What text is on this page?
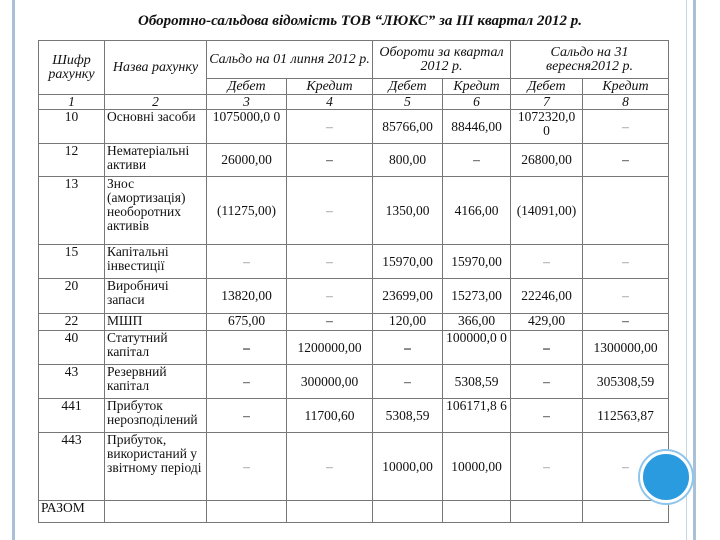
Оборотно-сальдова відомість ТОВ “ЛЮКС” за ІІІ квартал 2012 р.
Шифр рахунку	Назва рахунку	Сальдо на 01 липня 2012 р.		Обороти за квартал 2012 р.		Сальдо на 31 вересня2012 р.	
		Дебет	Кредит	Дебет	Кредит	Дебет	Кредит
1	2	3	4	5	6	7	8
10	Основні засоби	1075000,0 0	–	85766,00	88446,00	1072320,0 0	–
12	Нематеріальні активи	26000,00	–	800,00	–	26800,00	–
13	Знос (амортизація) необоротних активів	(11275,00)	–	1350,00	4166,00	(14091,00)	
15	Капітальні інвестиції	–	–	15970,00	15970,00	–	–
20	Виробничі запаси	13820,00	–	23699,00	15273,00	22246,00	–
22	МШП	675,00	–	120,00	366,00	429,00	–
40	Статутний капітал	–	1200000,00	–	100000,0 0	–	1300000,00
43	Резервний капітал	–	300000,00	–	5308,59	–	305308,59
441	Прибуток нерозподілений	–	11700,60	5308,59	106171,8 6	–	112563,87
443	Прибуток, використаний у звітному періоді	–	–	10000,00	10000,00	–	–
РАЗОМ							
